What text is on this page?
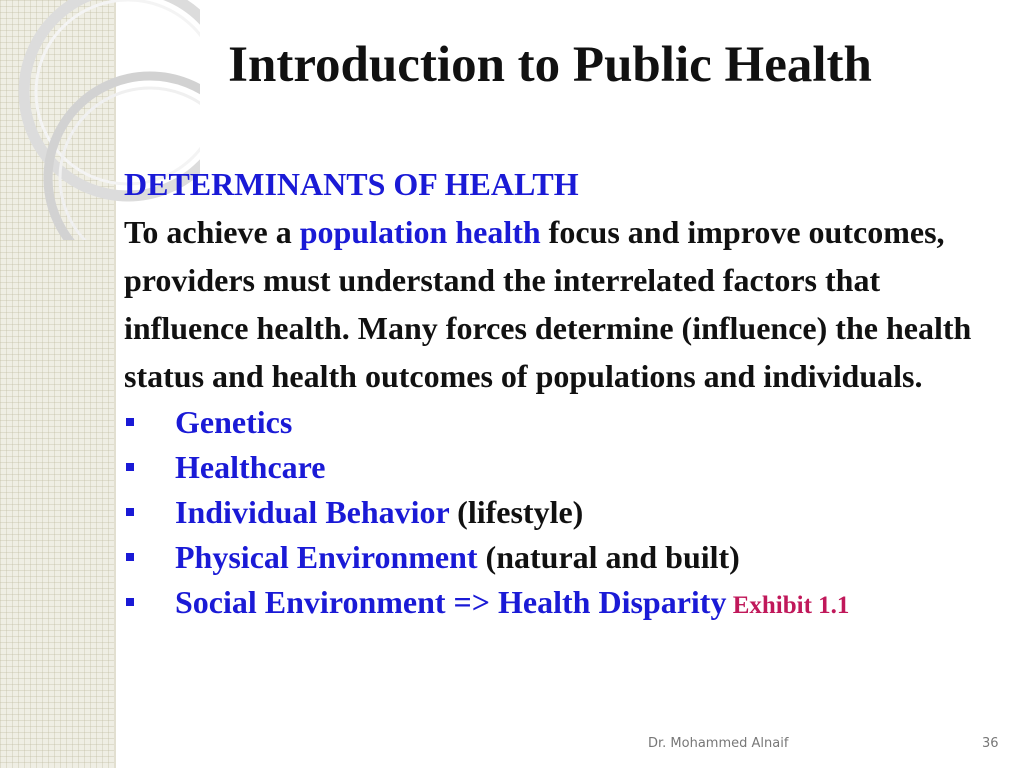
Introduction to Public Health
DETERMINANTS OF HEALTH
To achieve a population health focus and improve outcomes, providers must understand the interrelated factors that influence health. Many forces determine (influence) the health status and health outcomes of populations and individuals.
Genetics
Healthcare
Individual Behavior (lifestyle)
Physical Environment (natural and built)
Social Environment => Health Disparity Exhibit 1.1
Dr. Mohammed Alnaif	36
